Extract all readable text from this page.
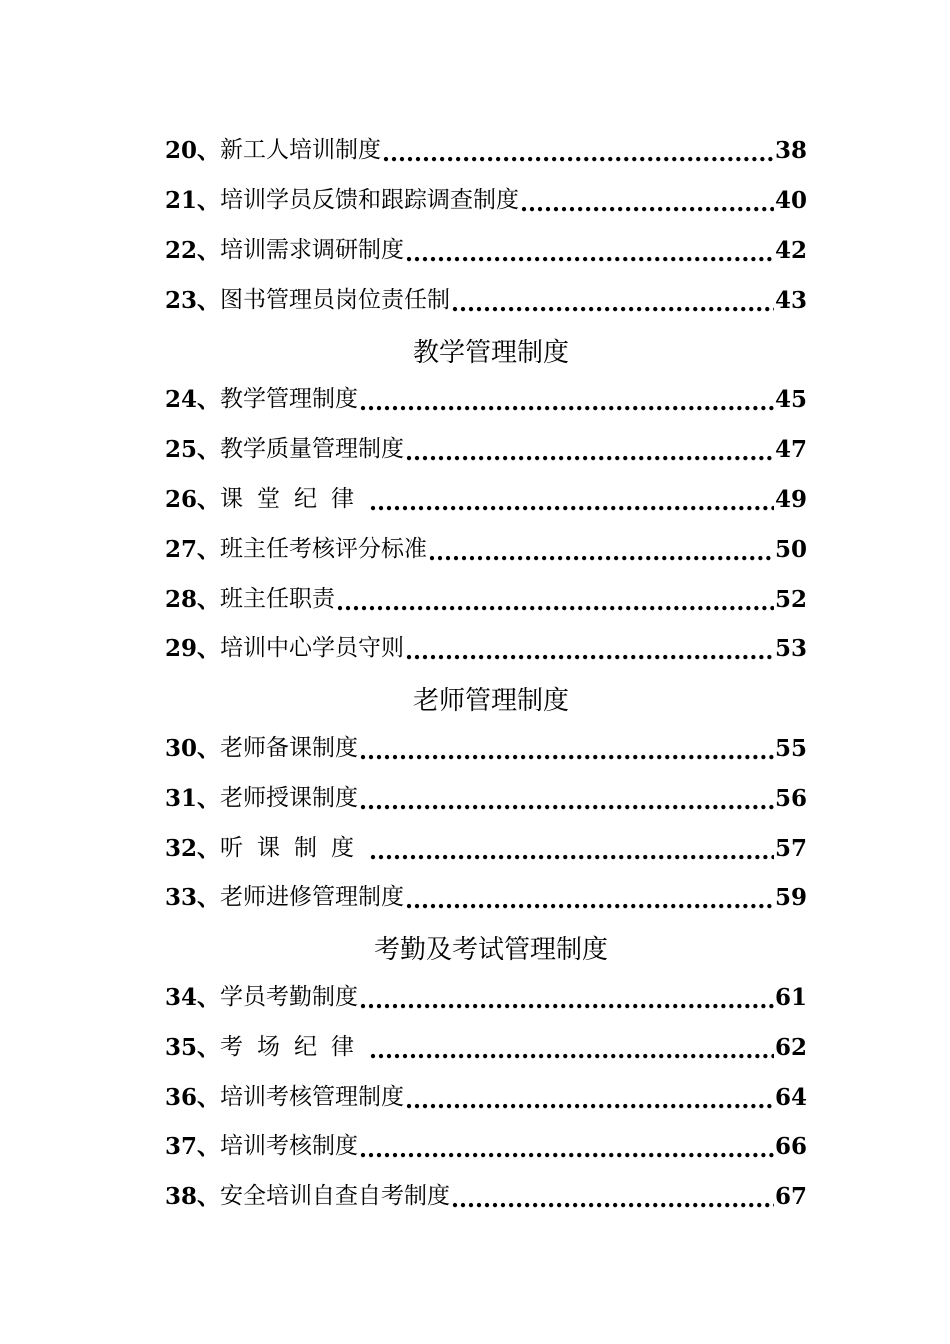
20、 新工人培训制度 .....	38
21、 培训学员反馈和跟踪调查制度 .....	40
22、 培训需求调研制度 .....	42
23、 图书管理员岗位责任制 .....	43
教学管理制度
24、 教学管理制度 .....	45
25、 教学质量管理制度 .....	47
26、 课堂纪律 .....	49
27、 班主任考核评分标准 .....	50
28、 班主任职责 .....	52
29、 培训中心学员守则 .....	53
老师管理制度
30、 老师备课制度 .....	55
31、 老师授课制度 .....	56
32、 听课制度 .....	57
33、 老师进修管理制度 .....	59
考勤及考试管理制度
34、 学员考勤制度 .....	61
35、 考场纪律 .....	62
36、 培训考核管理制度 .....	64
37、 培训考核制度 .....	66
38、 安全培训自查自考制度 .....	67
